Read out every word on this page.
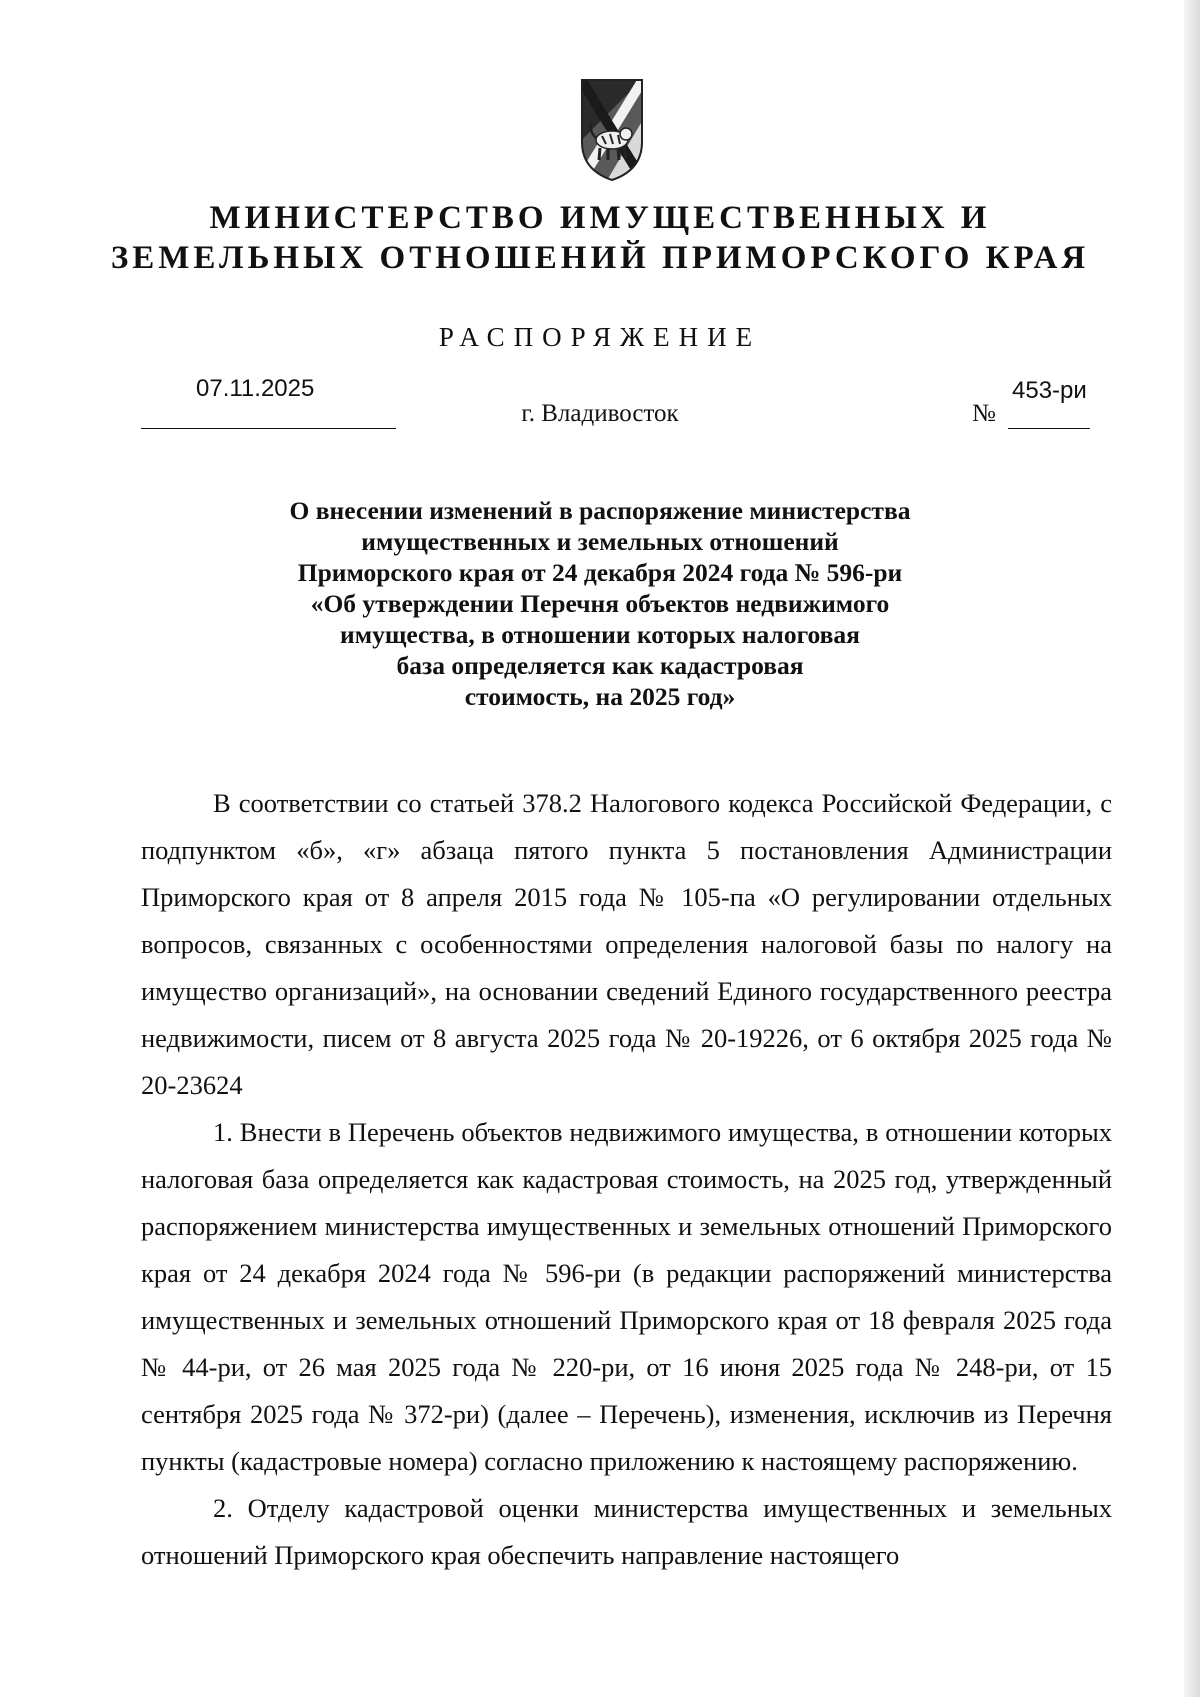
МИНИСТЕРСТВО ИМУЩЕСТВЕННЫХ И
ЗЕМЕЛЬНЫХ ОТНОШЕНИЙ ПРИМОРСКОГО КРАЯ
РАСПОРЯЖЕНИЕ
07.11.2025
г. Владивосток	№
453-ри
О внесении изменений в распоряжение министерства
имущественных и земельных отношений
Приморского края от 24 декабря 2024 года № 596-ри
«Об утверждении Перечня объектов недвижимого
имущества, в отношении которых налоговая
база определяется как кадастровая
стоимость, на 2025 год»

В соответствии со статьей 378.2 Налогового кодекса Российской Федерации, с подпунктом «б», «г» абзаца пятого пункта 5 постановления Администрации Приморского края от 8 апреля 2015 года № 105-па «О регулировании отдельных вопросов, связанных с особенностями определения налоговой базы по налогу на имущество организаций», на основании сведений Единого государственного реестра недвижимости, писем от 8 августа 2025 года № 20-19226, от 6 октября 2025 года № 20-23624

1. Внести в Перечень объектов недвижимого имущества, в отношении которых налоговая база определяется как кадастровая стоимость, на 2025 год, утвержденный распоряжением министерства имущественных и земельных отношений Приморского края от 24 декабря 2024 года № 596-ри (в редакции распоряжений министерства имущественных и земельных отношений Приморского края от 18 февраля 2025 года № 44-ри, от 26 мая 2025 года № 220-ри, от 16 июня 2025 года № 248-ри, от 15 сентября 2025 года № 372-ри) (далее – Перечень), изменения, исключив из Перечня пункты (кадастровые номера) согласно приложению к настоящему распоряжению.

2. Отделу кадастровой оценки министерства имущественных и земельных отношений Приморского края обеспечить направление настоящего
